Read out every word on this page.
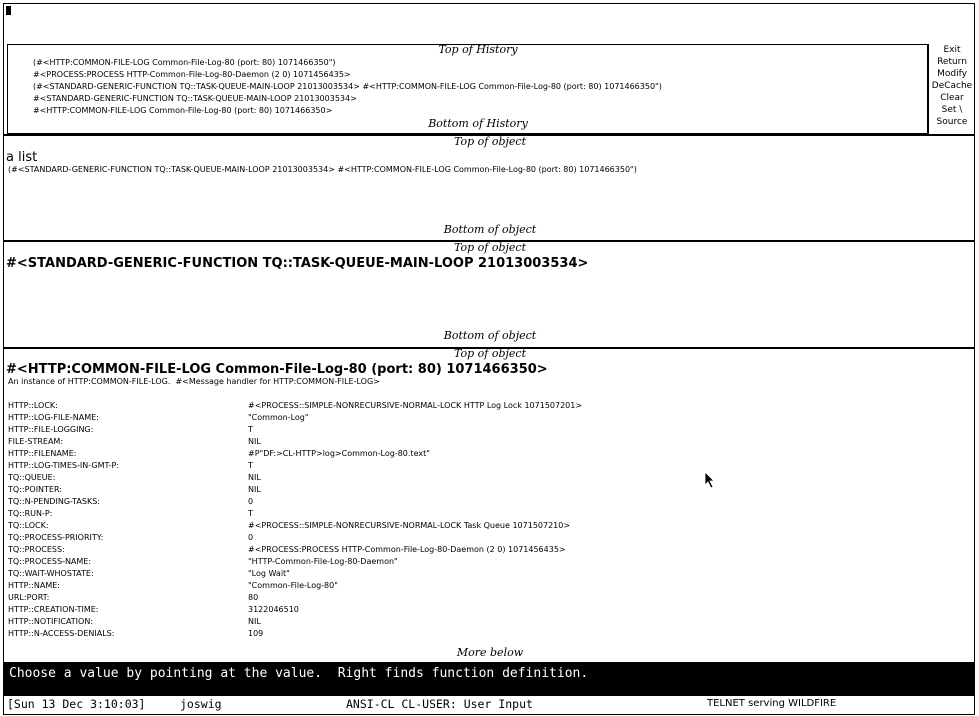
Top of History
(#<HTTP:COMMON-FILE-LOG Common-File-Log-80 (port: 80) 1071466350")
#<PROCESS:PROCESS HTTP-Common-File-Log-80-Daemon (2 0) 1071456435>
(#<STANDARD-GENERIC-FUNCTION TQ::TASK-QUEUE-MAIN-LOOP 21013003534> #<HTTP:COMMON-FILE-LOG Common-File-Log-80 (port: 80) 1071466350")
#<STANDARD-GENERIC-FUNCTION TQ::TASK-QUEUE-MAIN-LOOP 21013003534>
#<HTTP:COMMON-FILE-LOG Common-File-Log-80 (port: 80) 1071466350>
Bottom of History
Exit
Return
Modify
DeCache
Clear
Set \
Source
Top of object
a list
(#<STANDARD-GENERIC-FUNCTION TQ::TASK-QUEUE-MAIN-LOOP 21013003534> #<HTTP:COMMON-FILE-LOG Common-File-Log-80 (port: 80) 1071466350")
Bottom of object
Top of object
#<STANDARD-GENERIC-FUNCTION TQ::TASK-QUEUE-MAIN-LOOP 21013003534>
Bottom of object
Top of object
#<HTTP:COMMON-FILE-LOG Common-File-Log-80 (port: 80) 1071466350>
An instance of HTTP:COMMON-FILE-LOG.  #<Message handler for HTTP:COMMON-FILE-LOG>
HTTP::LOCK:	#<PROCESS::SIMPLE-NONRECURSIVE-NORMAL-LOCK HTTP Log Lock 1071507201>
HTTP::LOG-FILE-NAME:	"Common-Log"
HTTP::FILE-LOGGING:	T
FILE-STREAM:	NIL
HTTP::FILENAME:	#P"DF:>CL-HTTP>log>Common-Log-80.text"
HTTP::LOG-TIMES-IN-GMT-P:	T
TQ::QUEUE:	NIL
TQ::POINTER:	NIL
TQ::N-PENDING-TASKS:	0
TQ::RUN-P:	T
TQ::LOCK:	#<PROCESS::SIMPLE-NONRECURSIVE-NORMAL-LOCK Task Queue 1071507210>
TQ::PROCESS-PRIORITY:	0
TQ::PROCESS:	#<PROCESS:PROCESS HTTP-Common-File-Log-80-Daemon (2 0) 1071456435>
TQ::PROCESS-NAME:	"HTTP-Common-File-Log-80-Daemon"
TQ::WAIT-WHOSTATE:	"Log Wait"
HTTP::NAME:	"Common-File-Log-80"
URL:PORT:	80
HTTP::CREATION-TIME:	3122046510
HTTP::NOTIFICATION:	NIL
HTTP::N-ACCESS-DENIALS:	109
More below
Choose a value by pointing at the value.  Right finds function definition.
[Sun 13 Dec 3:10:03]	joswig	ANSI-CL CL-USER: User Input	TELNET serving WILDFIRE
